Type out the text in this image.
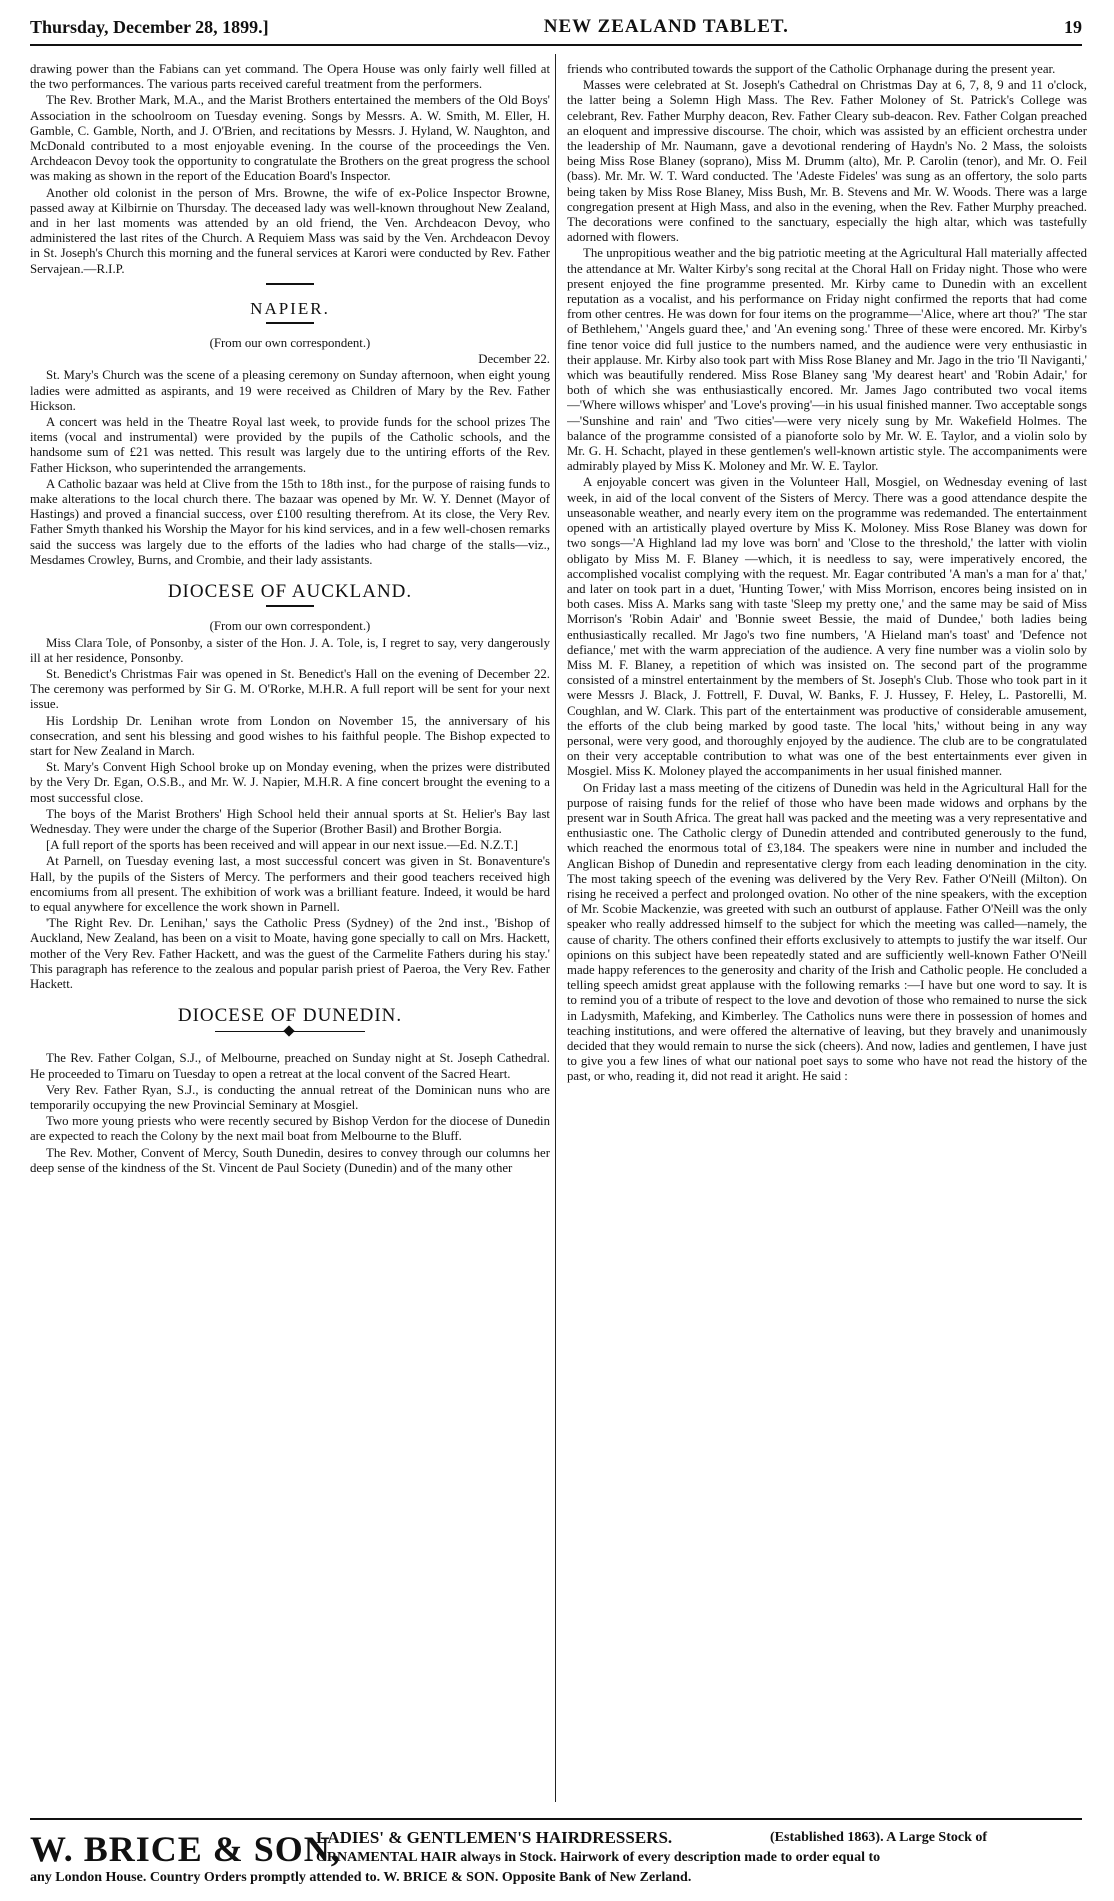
Thursday, December 28, 1899.]	NEW ZEALAND TABLET.	19

drawing power than the Fabians can yet command. The Opera House was only fairly well filled at the two performances. The various parts received careful treatment from the performers.

The Rev. Brother Mark, M.A., and the Marist Brothers entertained the members of the Old Boys' Association in the schoolroom on Tuesday evening. Songs by Messrs. A. W. Smith, M. Eller, H. Gamble, C. Gamble, North, and J. O'Brien, and recitations by Messrs. J. Hyland, W. Naughton, and McDonald contributed to a most enjoyable evening. In the course of the proceedings the Ven. Archdeacon Devoy took the opportunity to congratulate the Brothers on the great progress the school was making as shown in the report of the Education Board's Inspector.

Another old colonist in the person of Mrs. Browne, the wife of ex-Police Inspector Browne, passed away at Kilbirnie on Thursday. The deceased lady was well-known throughout New Zealand, and in her last moments was attended by an old friend, the Ven. Archdeacon Devoy, who administered the last rites of the Church. A Requiem Mass was said by the Ven. Archdeacon Devoy in St. Joseph's Church this morning and the funeral services at Karori were conducted by Rev. Father Servajean.—R.I.P.

NAPIER.

(From our own correspondent.)

December 22.

St. Mary's Church was the scene of a pleasing ceremony on Sunday afternoon, when eight young ladies were admitted as aspirants, and 19 were received as Children of Mary by the Rev. Father Hickson.

A concert was held in the Theatre Royal last week, to provide funds for the school prizes The items (vocal and instrumental) were provided by the pupils of the Catholic schools, and the handsome sum of £21 was netted. This result was largely due to the untiring efforts of the Rev. Father Hickson, who superintended the arrangements.

A Catholic bazaar was held at Clive from the 15th to 18th inst., for the purpose of raising funds to make alterations to the local church there. The bazaar was opened by Mr. W. Y. Dennet (Mayor of Hastings) and proved a financial success, over £100 resulting therefrom. At its close, the Very Rev. Father Smyth thanked his Worship the Mayor for his kind services, and in a few well-chosen remarks said the success was largely due to the efforts of the ladies who had charge of the stalls—viz., Mesdames Crowley, Burns, and Crombie, and their lady assistants.

DIOCESE OF AUCKLAND.

(From our own correspondent.)

Miss Clara Tole, of Ponsonby, a sister of the Hon. J. A. Tole, is, I regret to say, very dangerously ill at her residence, Ponsonby.

St. Benedict's Christmas Fair was opened in St. Benedict's Hall on the evening of December 22. The ceremony was performed by Sir G. M. O'Rorke, M.H.R. A full report will be sent for your next issue.

His Lordship Dr. Lenihan wrote from London on November 15, the anniversary of his consecration, and sent his blessing and good wishes to his faithful people. The Bishop expected to start for New Zealand in March.

St. Mary's Convent High School broke up on Monday evening, when the prizes were distributed by the Very Dr. Egan, O.S.B., and Mr. W. J. Napier, M.H.R. A fine concert brought the evening to a most successful close.

The boys of the Marist Brothers' High School held their annual sports at St. Helier's Bay last Wednesday. They were under the charge of the Superior (Brother Basil) and Brother Borgia.

[A full report of the sports has been received and will appear in our next issue.—Ed. N.Z.T.]

At Parnell, on Tuesday evening last, a most successful concert was given in St. Bonaventure's Hall, by the pupils of the Sisters of Mercy. The performers and their good teachers received high encomiums from all present. The exhibition of work was a brilliant feature. Indeed, it would be hard to equal anywhere for excellence the work shown in Parnell.

'The Right Rev. Dr. Lenihan,' says the Catholic Press (Sydney) of the 2nd inst., 'Bishop of Auckland, New Zealand, has been on a visit to Moate, having gone specially to call on Mrs. Hackett, mother of the Very Rev. Father Hackett, and was the guest of the Carmelite Fathers during his stay.' This paragraph has reference to the zealous and popular parish priest of Paeroa, the Very Rev. Father Hackett.

DIOCESE OF DUNEDIN.

The Rev. Father Colgan, S.J., of Melbourne, preached on Sunday night at St. Joseph Cathedral. He proceeded to Timaru on Tuesday to open a retreat at the local convent of the Sacred Heart.

Very Rev. Father Ryan, S.J., is conducting the annual retreat of the Dominican nuns who are temporarily occupying the new Provincial Seminary at Mosgiel.

Two more young priests who were recently secured by Bishop Verdon for the diocese of Dunedin are expected to reach the Colony by the next mail boat from Melbourne to the Bluff.

The Rev. Mother, Convent of Mercy, South Dunedin, desires to convey through our columns her deep sense of the kindness of the St. Vincent de Paul Society (Dunedin) and of the many other

friends who contributed towards the support of the Catholic Orphanage during the present year.

Masses were celebrated at St. Joseph's Cathedral on Christmas Day at 6, 7, 8, 9 and 11 o'clock, the latter being a Solemn High Mass. The Rev. Father Moloney of St. Patrick's College was celebrant, Rev. Father Murphy deacon, Rev. Father Cleary sub-deacon. Rev. Father Colgan preached an eloquent and impressive discourse. The choir, which was assisted by an efficient orchestra under the leadership of Mr. Naumann, gave a devotional rendering of Haydn's No. 2 Mass, the soloists being Miss Rose Blaney (soprano), Miss M. Drumm (alto), Mr. P. Carolin (tenor), and Mr. O. Feil (bass). Mr. Mr. W. T. Ward conducted. The 'Adeste Fideles' was sung as an offertory, the solo parts being taken by Miss Rose Blaney, Miss Bush, Mr. B. Stevens and Mr. W. Woods. There was a large congregation present at High Mass, and also in the evening, when the Rev. Father Murphy preached. The decorations were confined to the sanctuary, especially the high altar, which was tastefully adorned with flowers.

The unpropitious weather and the big patriotic meeting at the Agricultural Hall materially affected the attendance at Mr. Walter Kirby's song recital at the Choral Hall on Friday night. Those who were present enjoyed the fine programme presented. Mr. Kirby came to Dunedin with an excellent reputation as a vocalist, and his performance on Friday night confirmed the reports that had come from other centres. He was down for four items on the programme—'Alice, where art thou?' 'The star of Bethlehem,' 'Angels guard thee,' and 'An evening song.' Three of these were encored. Mr. Kirby's fine tenor voice did full justice to the numbers named, and the audience were very enthusiastic in their applause. Mr. Kirby also took part with Miss Rose Blaney and Mr. Jago in the trio 'Il Naviganti,' which was beautifully rendered. Miss Rose Blaney sang 'My dearest heart' and 'Robin Adair,' for both of which she was enthusiastically encored. Mr. James Jago contributed two vocal items—'Where willows whisper' and 'Love's proving'—in his usual finished manner. Two acceptable songs—'Sunshine and rain' and 'Two cities'—were very nicely sung by Mr. Wakefield Holmes. The balance of the programme consisted of a pianoforte solo by Mr. W. E. Taylor, and a violin solo by Mr. G. H. Schacht, played in these gentlemen's well-known artistic style. The accompaniments were admirably played by Miss K. Moloney and Mr. W. E. Taylor.

A enjoyable concert was given in the Volunteer Hall, Mosgiel, on Wednesday evening of last week, in aid of the local convent of the Sisters of Mercy. There was a good attendance despite the unseasonable weather, and nearly every item on the programme was redemanded. The entertainment opened with an artistically played overture by Miss K. Moloney. Miss Rose Blaney was down for two songs—'A Highland lad my love was born' and 'Close to the threshold,' the latter with violin obligato by Miss M. F. Blaney —which, it is needless to say, were imperatively encored, the accomplished vocalist complying with the request. Mr. Eagar contributed 'A man's a man for a' that,' and later on took part in a duet, 'Hunting Tower,' with Miss Morrison, encores being insisted on in both cases. Miss A. Marks sang with taste 'Sleep my pretty one,' and the same may be said of Miss Morrison's 'Robin Adair' and 'Bonnie sweet Bessie, the maid of Dundee,' both ladies being enthusiastically recalled. Mr Jago's two fine numbers, 'A Hieland man's toast' and 'Defence not defiance,' met with the warm appreciation of the audience. A very fine number was a violin solo by Miss M. F. Blaney, a repetition of which was insisted on. The second part of the programme consisted of a minstrel entertainment by the members of St. Joseph's Club. Those who took part in it were Messrs J. Black, J. Fottrell, F. Duval, W. Banks, F. J. Hussey, F. Heley, L. Pastorelli, M. Coughlan, and W. Clark. This part of the entertainment was productive of considerable amusement, the efforts of the club being marked by good taste. The local 'hits,' without being in any way personal, were very good, and thoroughly enjoyed by the audience. The club are to be congratulated on their very acceptable contribution to what was one of the best entertainments ever given in Mosgiel. Miss K. Moloney played the accompaniments in her usual finished manner.

On Friday last a mass meeting of the citizens of Dunedin was held in the Agricultural Hall for the purpose of raising funds for the relief of those who have been made widows and orphans by the present war in South Africa. The great hall was packed and the meeting was a very representative and enthusiastic one. The Catholic clergy of Dunedin attended and contributed generously to the fund, which reached the enormous total of £3,184. The speakers were nine in number and included the Anglican Bishop of Dunedin and representative clergy from each leading denomination in the city. The most taking speech of the evening was delivered by the Very Rev. Father O'Neill (Milton). On rising he received a perfect and prolonged ovation. No other of the nine speakers, with the exception of Mr. Scobie Mackenzie, was greeted with such an outburst of applause. Father O'Neill was the only speaker who really addressed himself to the subject for which the meeting was called—namely, the cause of charity. The others confined their efforts exclusively to attempts to justify the war itself. Our opinions on this subject have been repeatedly stated and are sufficiently well-known Father O'Neill made happy references to the generosity and charity of the Irish and Catholic people. He concluded a telling speech amidst great applause with the following remarks :—I have but one word to say. It is to remind you of a tribute of respect to the love and devotion of those who remained to nurse the sick in Ladysmith, Mafeking, and Kimberley. The Catholics nuns were there in possession of homes and teaching institutions, and were offered the alternative of leaving, but they bravely and unanimously decided that they would remain to nurse the sick (cheers). And now, ladies and gentlemen, I have just to give you a few lines of what our national poet says to some who have not read the history of the past, or who, reading it, did not read it aright. He said :

W. BRICE & SON,
LADIES' & GENTLEMEN'S HAIRDRESSERS.	(Established 1863). A Large Stock of
ORNAMENTAL HAIR always in Stock. Hairwork of every description made to order equal to
any London House. Country Orders promptly attended to. W. BRICE & SON. Opposite Bank of New Zerland.
